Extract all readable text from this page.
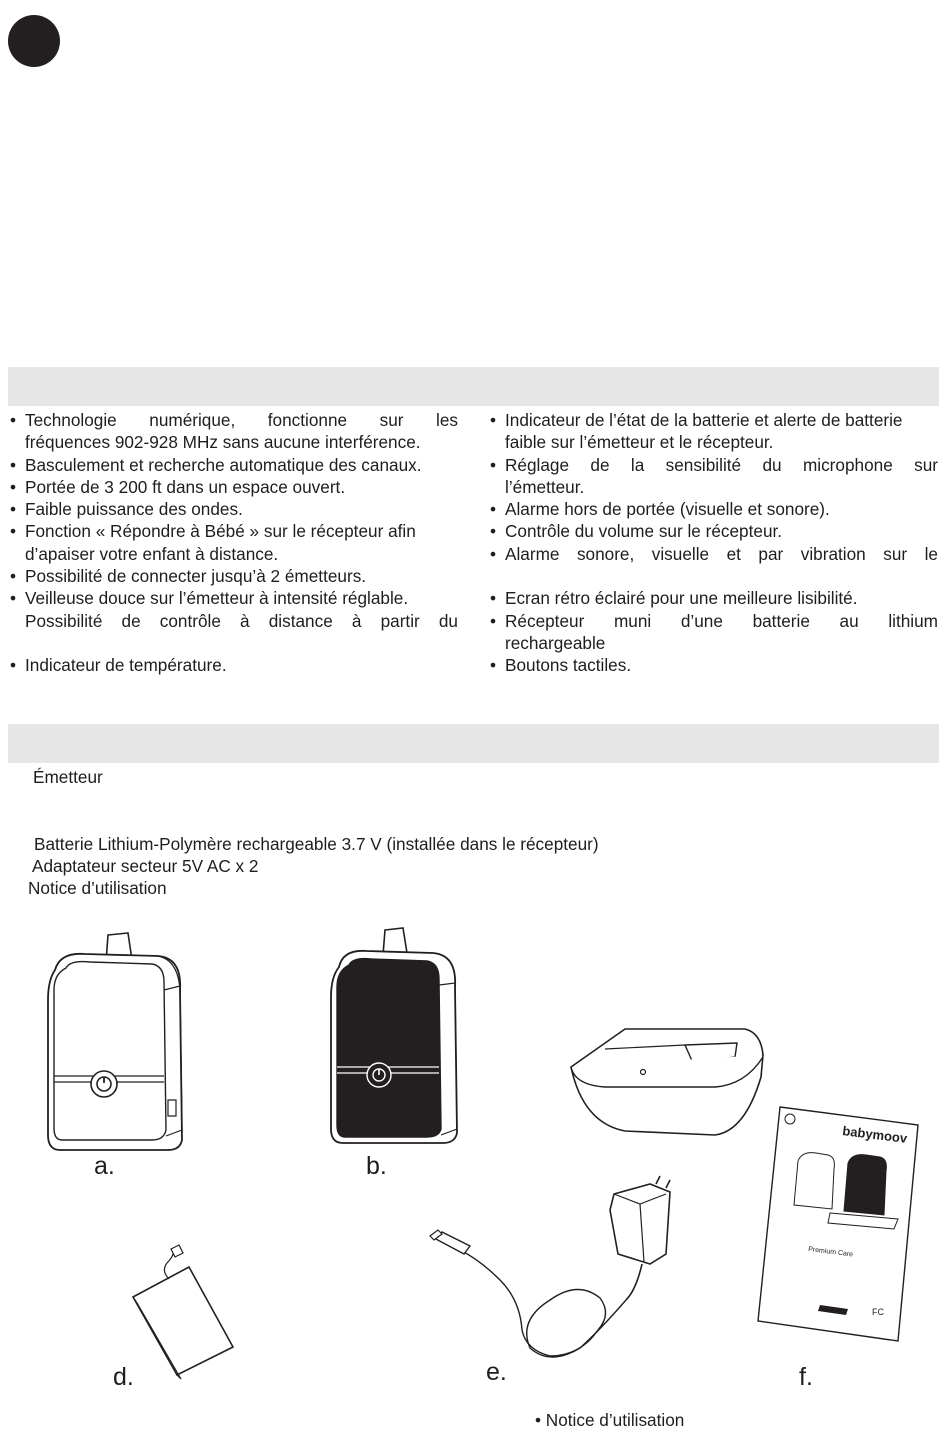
• Technologie numérique, fonctionne sur les
fréquences 902-928 MHz sans aucune interférence.
• Basculement et recherche automatique des canaux.
• Portée de 3 200 ft dans un espace ouvert.
• Faible puissance des ondes.
• Fonction « Répondre à Bébé » sur le récepteur afin
d’apaiser votre enfant à distance.
• Possibilité de connecter jusqu’à 2 émetteurs.
• Veilleuse douce sur l’émetteur à intensité réglable.
Possibilité de contrôle à distance à partir du
• Indicateur de température.
• Indicateur de l’état de la batterie et alerte de batterie
faible sur l’émetteur et le récepteur.
• Réglage de la sensibilité du microphone sur
l’émetteur.
• Alarme hors de portée (visuelle et sonore).
• Contrôle du volume sur le récepteur.
• Alarme sonore, visuelle et par vibration sur le
• Ecran rétro éclairé pour une meilleure lisibilité.
• Récepteur muni d’une batterie au lithium
rechargeable
• Boutons tactiles.
Émetteur
Batterie Lithium-Polymère rechargeable 3.7 V (installée dans le récepteur)
Adaptateur secteur 5V AC x 2
Notice d’utilisation
a.	b.
d.	e.
babymoov
Premium Care
FC
f.
• Notice d’utilisation
